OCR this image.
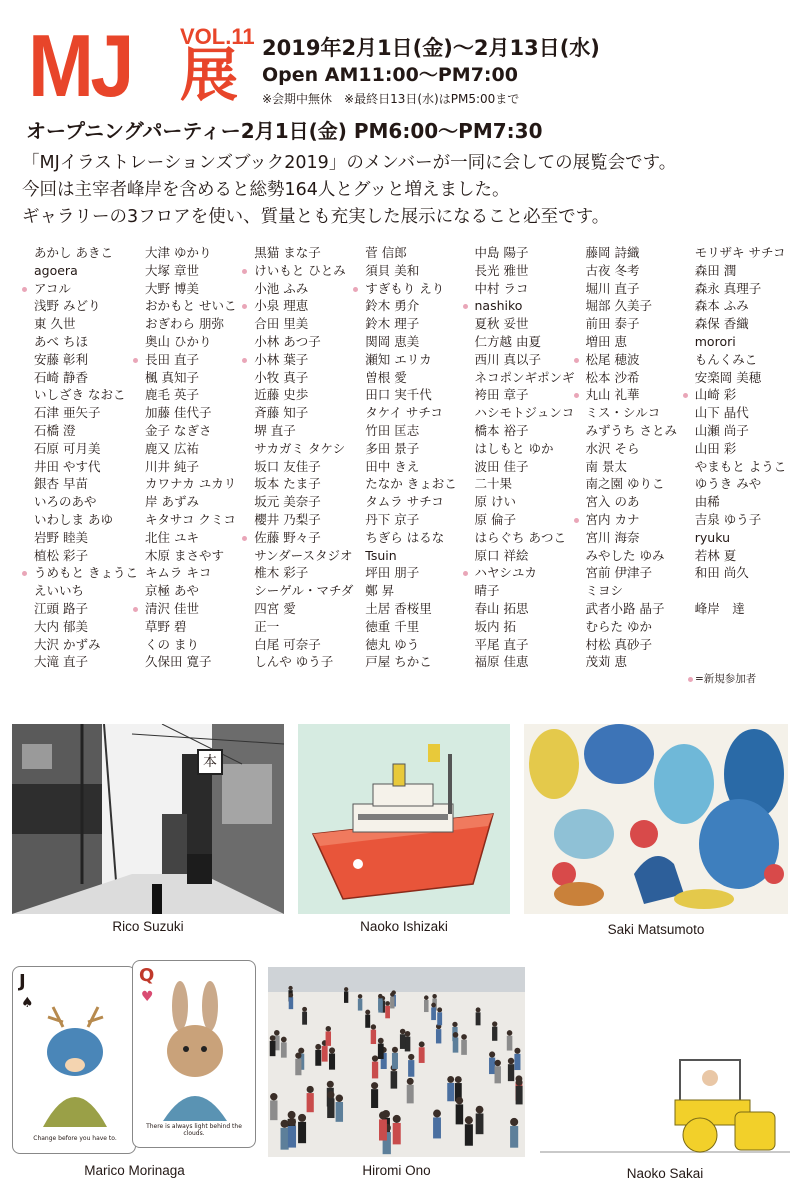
MJ VOL.11
展 2019年2月1日(金)～2月13日(水)
Open AM11:00～PM7:00
※会期中無休　※最終日13日(水)はPM5:00まで
オープニングパーティー2月1日(金) PM6:00～PM7:30
「MJイラストレーションズブック2019」のメンバーが一同に会しての展覧会です。
今回は主宰者峰岸を含めると総勢164人とグッと増えました。
ギャラリーの3フロアを使い、質量とも充実した展示になること必至です。
あかし あきこ
agoera
アコル
浅野 みどり
東 久世
あべ ちほ
安藤 彰利
石崎 静香
いしざき なおこ
石津 亜矢子
石橋 澄
石原 可月美
井田 やす代
銀杏 早苗
いろのあや
いわしま あゆ
岩野 睦美
植松 彩子
うめもと きょうこ
えいいち
江頭 路子
大内 郁美
大沢 かずみ
大滝 直子
大津 ゆかり
大塚 章世
大野 博美
おかもと せいこ
おぎわら 朋弥
奥山 ひかり
長田 直子
楓 真知子
鹿毛 英子
加藤 佳代子
金子 なぎさ
鹿又 広祐
川井 純子
カワナカ ユカリ
岸 あずみ
キタサコ クミコ
北住 ユキ
木原 まさやす
キムラ キコ
京極 あや
清沢 佳世
草野 碧
くの まり
久保田 寛子
黒猫 まな子
けいもと ひとみ
小池 ふみ
小泉 理恵
合田 里美
小林 あつ子
小林 葉子
小牧 真子
近藤 史歩
斉藤 知子
堺 直子
サカガミ タケシ
坂口 友佳子
坂本 たま子
坂元 美奈子
櫻井 乃梨子
佐藤 野々子
サンダースタジオ
椎木 彩子
シーゲル・マチダ
四宮 愛
正一
白尾 可奈子
しんや ゆう子
菅 信郎
須貝 美和
すぎもり えり
鈴木 勇介
鈴木 理子
関岡 恵美
瀬知 エリカ
曽根 愛
田口 実千代
タケイ サチコ
竹田 匡志
多田 景子
田中 きえ
たなか きょおこ
タムラ サチコ
丹下 京子
ちぎら はるな
Tsuin
坪田 朋子
鄭 昇
土居 香桜里
徳重 千里
徳丸 ゆう
戸屋 ちかこ
中島 陽子
長光 雅世
中村 ラコ
nashiko
夏秋 妥世
仁方越 由夏
西川 真以子
ネコポンギポンギ
袴田 章子
ハシモトジュンコ
橋本 裕子
はしもと ゆか
波田 佳子
二十果
原 けい
原 倫子
はらぐち あつこ
原口 祥絵
ハヤシユカ
晴子
春山 拓思
坂内 拓
平尾 直子
福原 佳恵
藤岡 詩織
古夜 冬考
堀川 直子
堀部 久美子
前田 泰子
増田 恵
松尾 穂波
松本 沙希
丸山 礼華
ミス・シルコ
みずうち さとみ
水沢 そら
南 景太
南之園 ゆりこ
宮入 のあ
宮内 カナ
宮川 海奈
みやした ゆみ
宮前 伊津子
ミヨシ
武者小路 晶子
むらた ゆか
村松 真砂子
茂苅 恵
モリザキ サチコ
森田 潤
森永 真理子
森本 ふみ
森保 香織
morori
もんくみこ
安楽岡 美穂
山崎 彩
山下 晶代
山瀬 尚子
山田 彩
やまもと ようこ
ゆうき みや
由稀
吉泉 ゆう子
ryuku
若林 夏
和田 尚久

峰岸　達
=新規参加者
本
Rico Suzuki	Naoko Ishizaki	Saki Matsumoto
J
♠
Change before you have to.
Q
♥
There is always light behind the clouds.
Marico Morinaga	Hiromi Ono	Naoko Sakai
